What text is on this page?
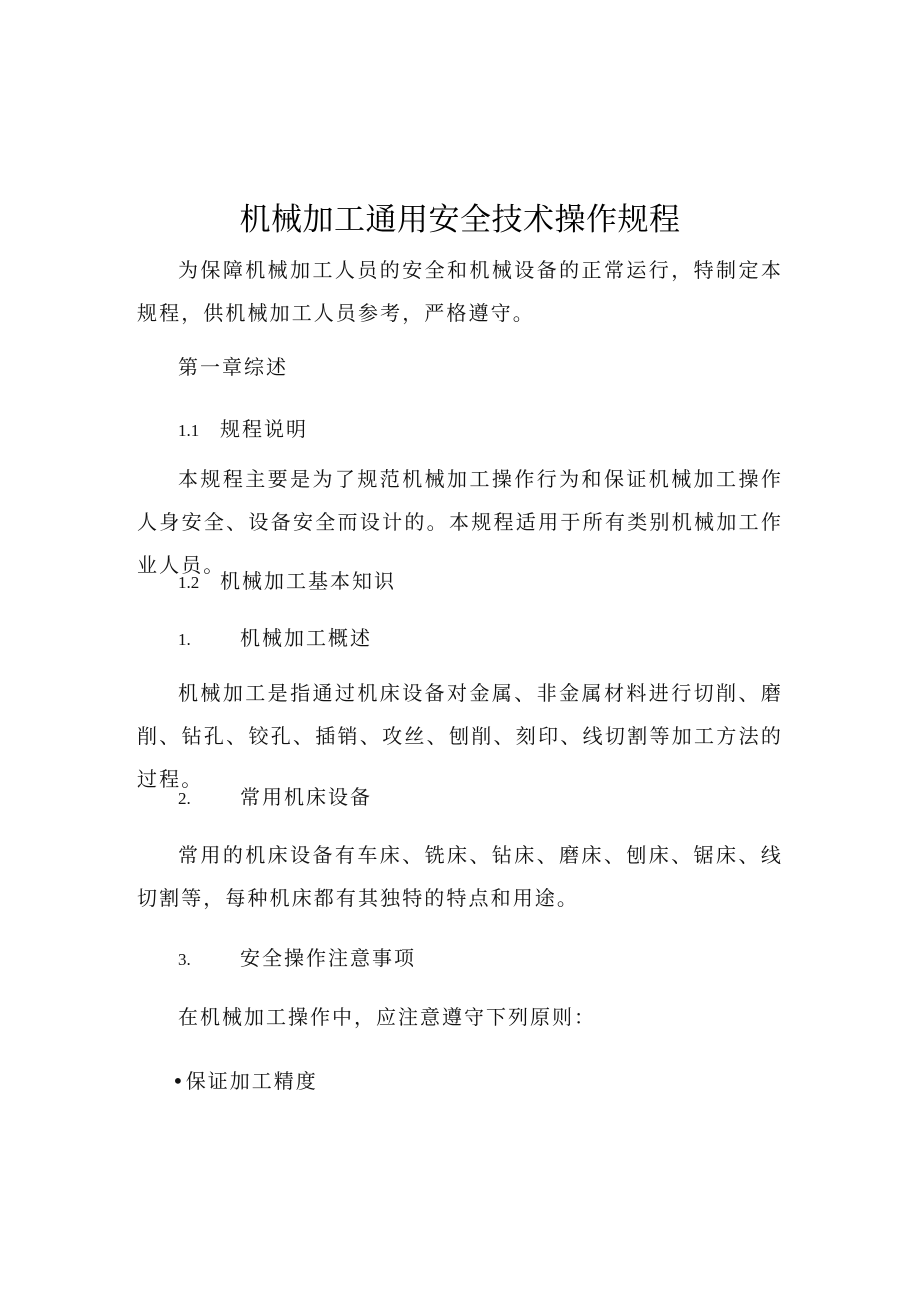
机械加工通用安全技术操作规程
为保障机械加工人员的安全和机械设备的正常运行，特制定本规程，供机械加工人员参考，严格遵守。
第一章综述
1.1 规程说明
本规程主要是为了规范机械加工操作行为和保证机械加工操作人身安全、设备安全而设计的。本规程适用于所有类别机械加工作业人员。
1.2 机械加工基本知识
1. 机械加工概述
机械加工是指通过机床设备对金属、非金属材料进行切削、磨削、钻孔、铰孔、插销、攻丝、刨削、刻印、线切割等加工方法的过程。
2. 常用机床设备
常用的机床设备有车床、铣床、钻床、磨床、刨床、锯床、线切割等，每种机床都有其独特的特点和用途。
3. 安全操作注意事项
在机械加工操作中，应注意遵守下列原则：
•保证加工精度
